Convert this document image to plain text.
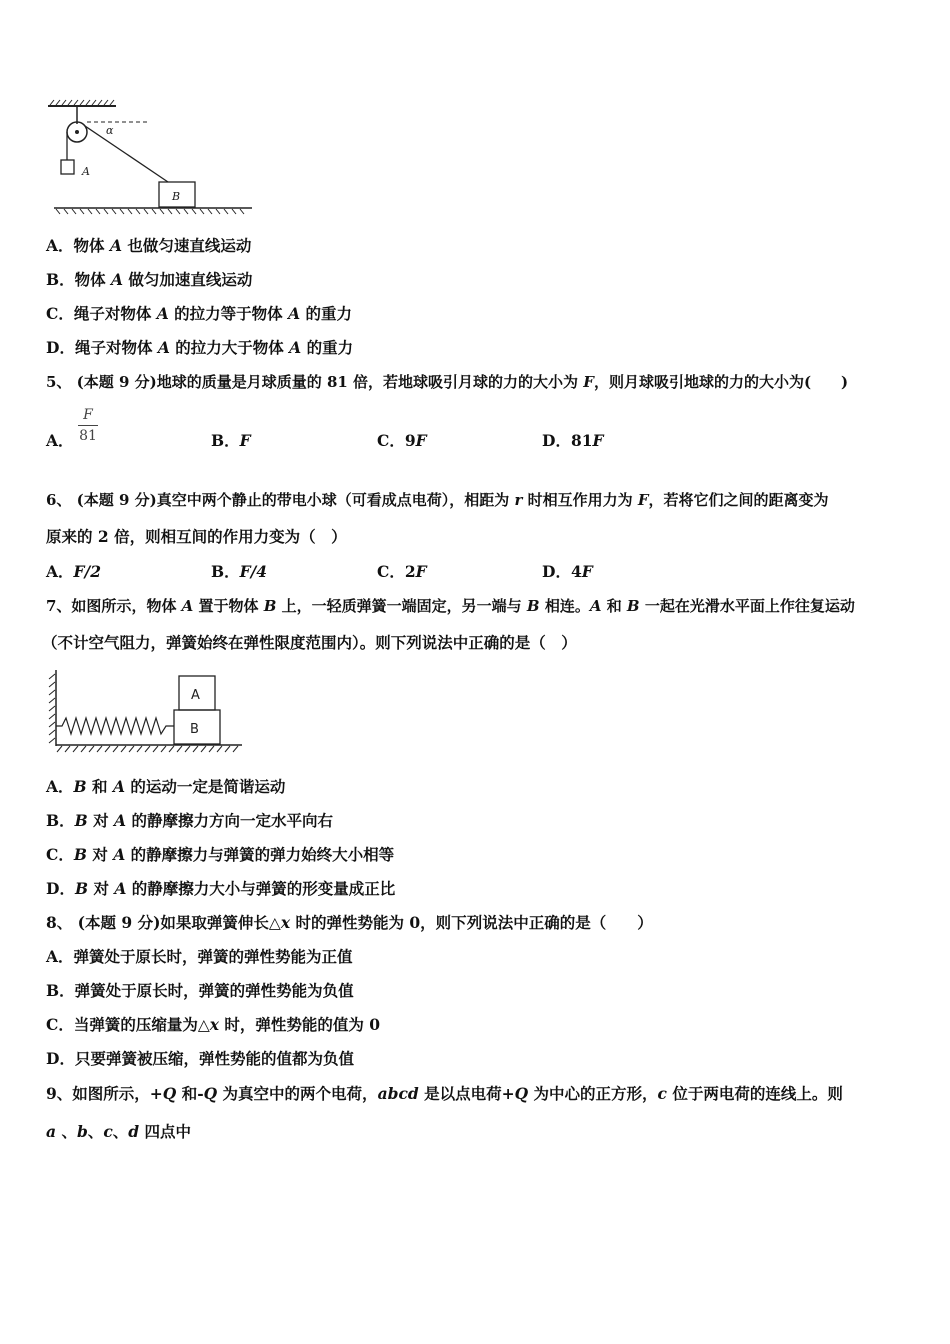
α
A
B
A．物体 A 也做匀速直线运动
B．物体 A 做匀加速直线运动
C．绳子对物体 A 的拉力等于物体 A 的重力
D．绳子对物体 A 的拉力大于物体 A 的重力
5、 (本题 9 分)地球的质量是月球质量的 81 倍，若地球吸引月球的力的大小为 F，则月球吸引地球的力的大小为(　　)
A．
F
81	B．F	C．9F	D．81F
6、 (本题 9 分)真空中两个静止的带电小球（可看成点电荷），相距为 r 时相互作用力为 F，若将它们之间的距离变为
原来的 2 倍，则相互间的作用力变为（　）
A．F/2	B．F/4	C．2F	D．4F
7、如图所示，物体 A 置于物体 B 上，一轻质弹簧一端固定，另一端与 B 相连。A 和 B 一起在光滑水平面上作往复运动
（不计空气阻力，弹簧始终在弹性限度范围内）。则下列说法中正确的是（　）
B
A
A．B 和 A 的运动一定是简谐运动
B．B 对 A 的静摩擦力方向一定水平向右
C．B 对 A 的静摩擦力与弹簧的弹力始终大小相等
D．B 对 A 的静摩擦力大小与弹簧的形变量成正比
8、 (本题 9 分)如果取弹簧伸长△x 时的弹性势能为 0，则下列说法中正确的是（　　）
A．弹簧处于原长时，弹簧的弹性势能为正值
B．弹簧处于原长时，弹簧的弹性势能为负值
C．当弹簧的压缩量为△x 时，弹性势能的值为 0
D．只要弹簧被压缩，弹性势能的值都为负值
9、如图所示，+Q 和-Q 为真空中的两个电荷，abcd 是以点电荷+Q 为中心的正方形，c 位于两电荷的连线上。则
a 、b、c、d 四点中
